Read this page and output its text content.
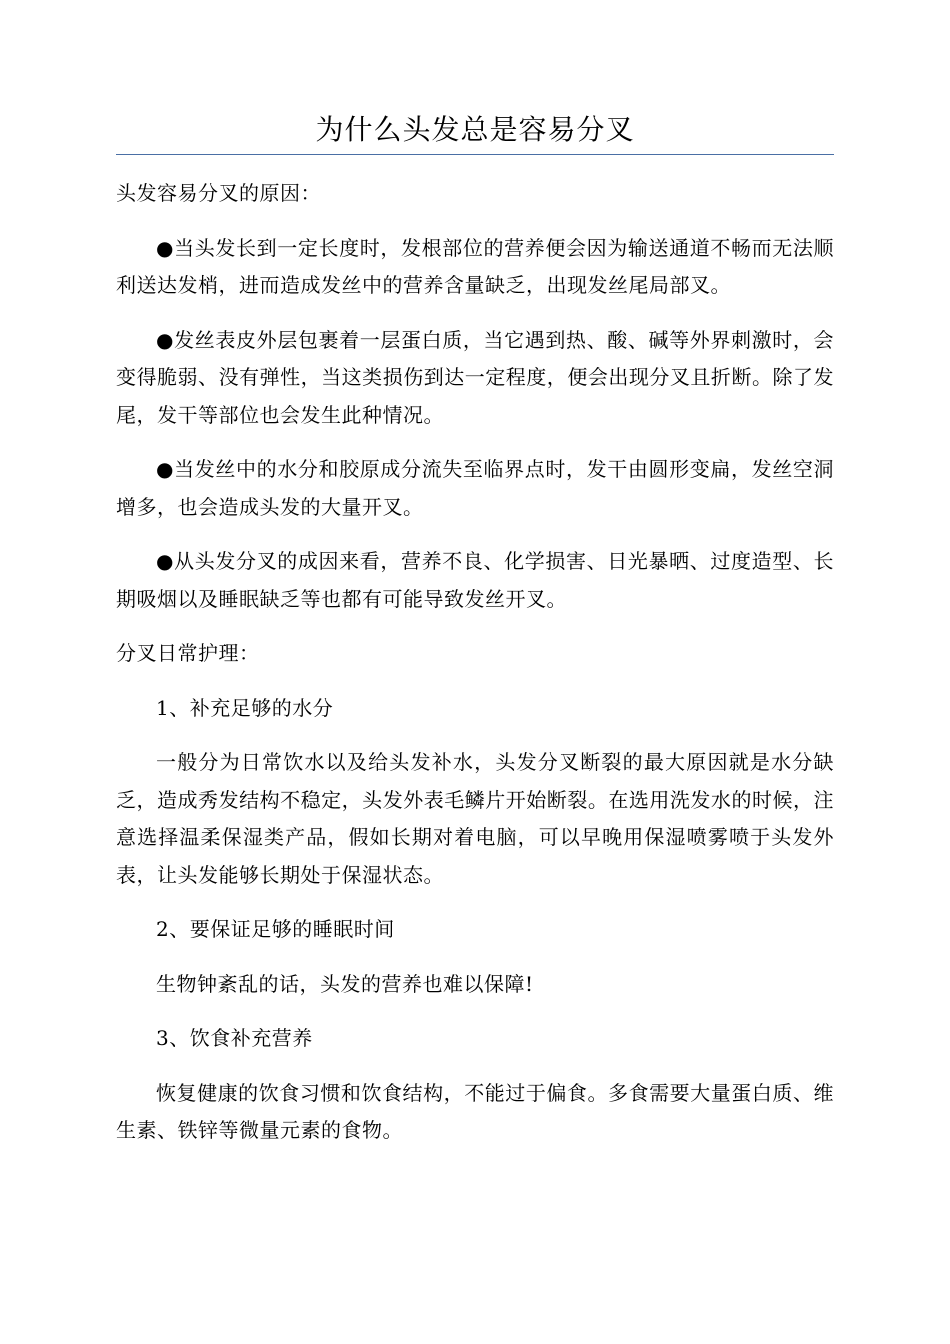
为什么头发总是容易分叉

头发容易分叉的原因：

●当头发长到一定长度时，发根部位的营养便会因为输送通道不畅而无法顺利送达发梢，进而造成发丝中的营养含量缺乏，出现发丝尾局部叉。

●发丝表皮外层包裹着一层蛋白质，当它遇到热、酸、碱等外界刺激时，会变得脆弱、没有弹性，当这类损伤到达一定程度，便会出现分叉且折断。除了发尾，发干等部位也会发生此种情况。

●当发丝中的水分和胶原成分流失至临界点时，发干由圆形变扁，发丝空洞增多，也会造成头发的大量开叉。

●从头发分叉的成因来看，营养不良、化学损害、日光暴晒、过度造型、长期吸烟以及睡眠缺乏等也都有可能导致发丝开叉。

分叉日常护理：

1、补充足够的水分

一般分为日常饮水以及给头发补水，头发分叉断裂的最大原因就是水分缺乏，造成秀发结构不稳定，头发外表毛鳞片开始断裂。在选用洗发水的时候，注意选择温柔保湿类产品，假如长期对着电脑，可以早晚用保湿喷雾喷于头发外表，让头发能够长期处于保湿状态。

2、要保证足够的睡眠时间

生物钟紊乱的话，头发的营养也难以保障!

3、饮食补充营养

恢复健康的饮食习惯和饮食结构，不能过于偏食。多食需要大量蛋白质、维生素、铁锌等微量元素的食物。
